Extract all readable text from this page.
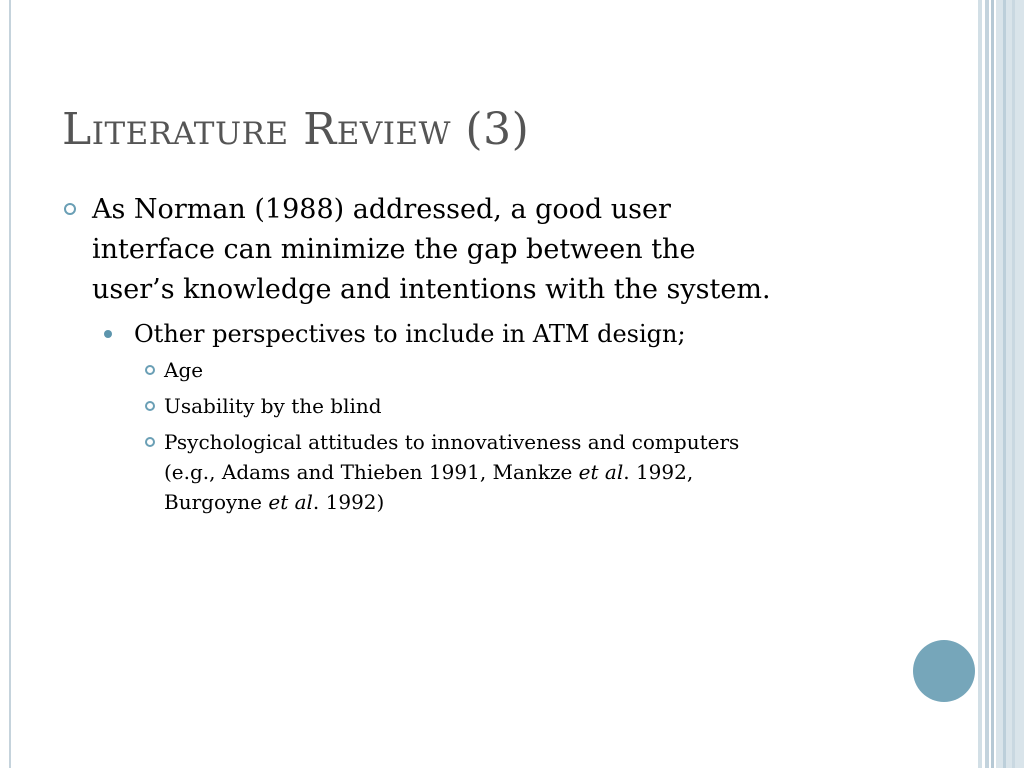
Literature Review (3)
As Norman (1988) addressed, a good user
interface can minimize the gap between the
user’s knowledge and intentions with the system.
Other perspectives to include in ATM design;
Age
Usability by the blind
Psychological attitudes to innovativeness and computers
(e.g., Adams and Thieben 1991, Mankze et al. 1992,
Burgoyne et al. 1992)
